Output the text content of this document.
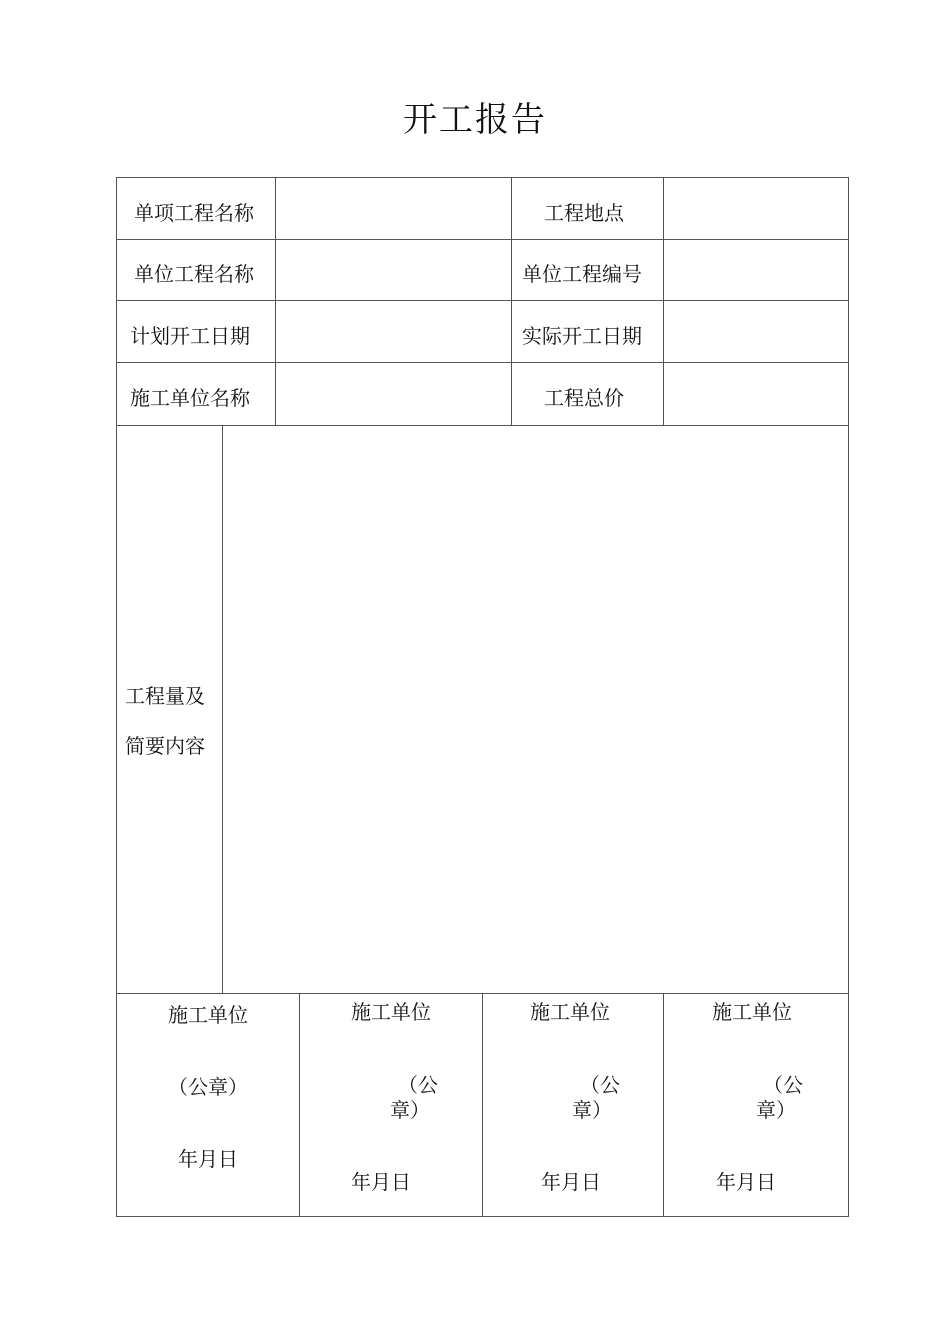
开工报告
单项工程名称	工程地点
单位工程名称	单位工程编号
计划开工日期	实际开工日期
施工单位名称	工程总价
工程量及
简要内容
施工单位
（公章）
年月日
施工单位
（公
章）
年月日
施工单位
（公
章）
年月日
施工单位
（公
章）
年月日
